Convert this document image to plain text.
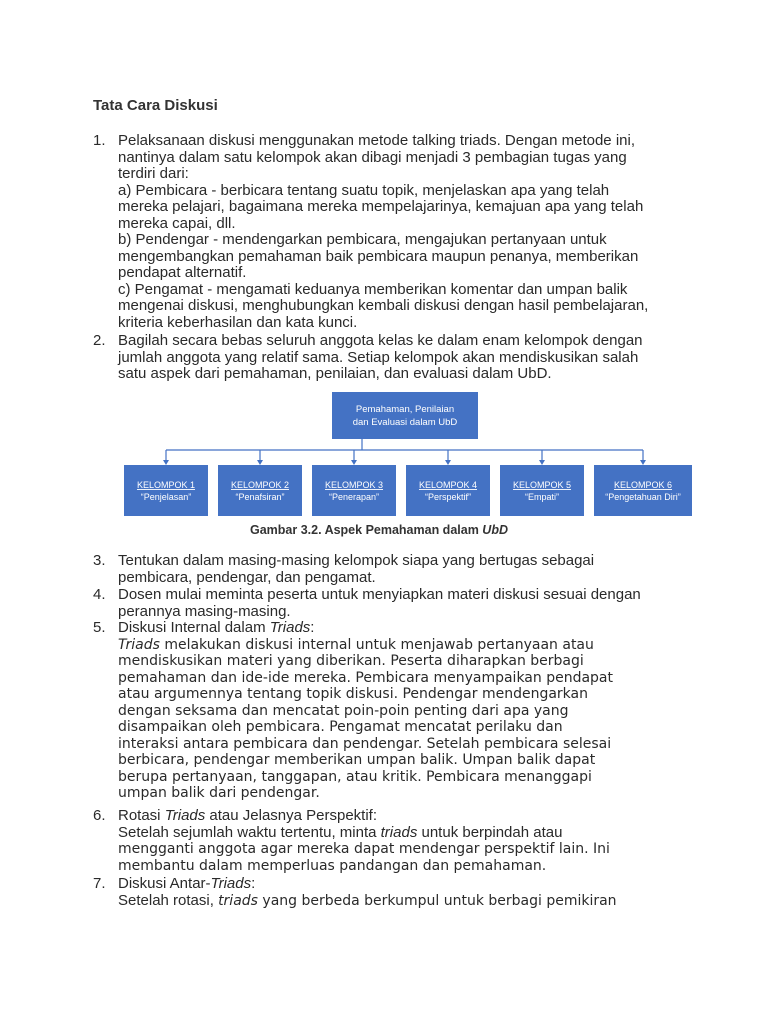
Tata Cara Diskusi
1. Pelaksanaan diskusi menggunakan metode talking triads. Dengan metode ini,
nantinya dalam satu kelompok akan dibagi menjadi 3 pembagian tugas yang
terdiri dari:
a) Pembicara - berbicara tentang suatu topik, menjelaskan apa yang telah
mereka pelajari, bagaimana mereka mempelajarinya, kemajuan apa yang telah
mereka capai, dll.
b) Pendengar - mendengarkan pembicara, mengajukan pertanyaan untuk
mengembangkan pemahaman baik pembicara maupun penanya, memberikan
pendapat alternatif.
c) Pengamat - mengamati keduanya memberikan komentar dan umpan balik
mengenai diskusi, menghubungkan kembali diskusi dengan hasil pembelajaran,
kriteria keberhasilan dan kata kunci.
2. Bagilah secara bebas seluruh anggota kelas ke dalam enam kelompok dengan
jumlah anggota yang relatif sama. Setiap kelompok akan mendiskusikan salah
satu aspek dari pemahaman, penilaian, dan evaluasi dalam UbD.
Pemahaman, Penilaian
dan Evaluasi dalam UbD
KELOMPOK 1
“Penjelasan”
KELOMPOK 2
“Penafsiran”
KELOMPOK 3
“Penerapan”
KELOMPOK 4
“Perspektif”
KELOMPOK 5
“Empati”
KELOMPOK 6
“Pengetahuan Diri”
Gambar 3.2. Aspek Pemahaman dalam UbD
3. Tentukan dalam masing-masing kelompok siapa yang bertugas sebagai
pembicara, pendengar, dan pengamat.
4. Dosen mulai meminta peserta untuk menyiapkan materi diskusi sesuai dengan
perannya masing-masing.
5. Diskusi Internal dalam Triads:
Triads melakukan diskusi internal untuk menjawab pertanyaan atau
mendiskusikan materi yang diberikan. Peserta diharapkan berbagi
pemahaman dan ide-ide mereka. Pembicara menyampaikan pendapat
atau argumennya tentang topik diskusi. Pendengar mendengarkan
dengan seksama dan mencatat poin-poin penting dari apa yang
disampaikan oleh pembicara. Pengamat mencatat perilaku dan
interaksi antara pembicara dan pendengar. Setelah pembicara selesai
berbicara, pendengar memberikan umpan balik. Umpan balik dapat
berupa pertanyaan, tanggapan, atau kritik. Pembicara menanggapi
umpan balik dari pendengar.
6. Rotasi Triads atau Jelasnya Perspektif:
Setelah sejumlah waktu tertentu, minta triads untuk berpindah atau
mengganti anggota agar mereka dapat mendengar perspektif lain. Ini
membantu dalam memperluas pandangan dan pemahaman.
7. Diskusi Antar-Triads:
Setelah rotasi, triads yang berbeda berkumpul untuk berbagi pemikiran
